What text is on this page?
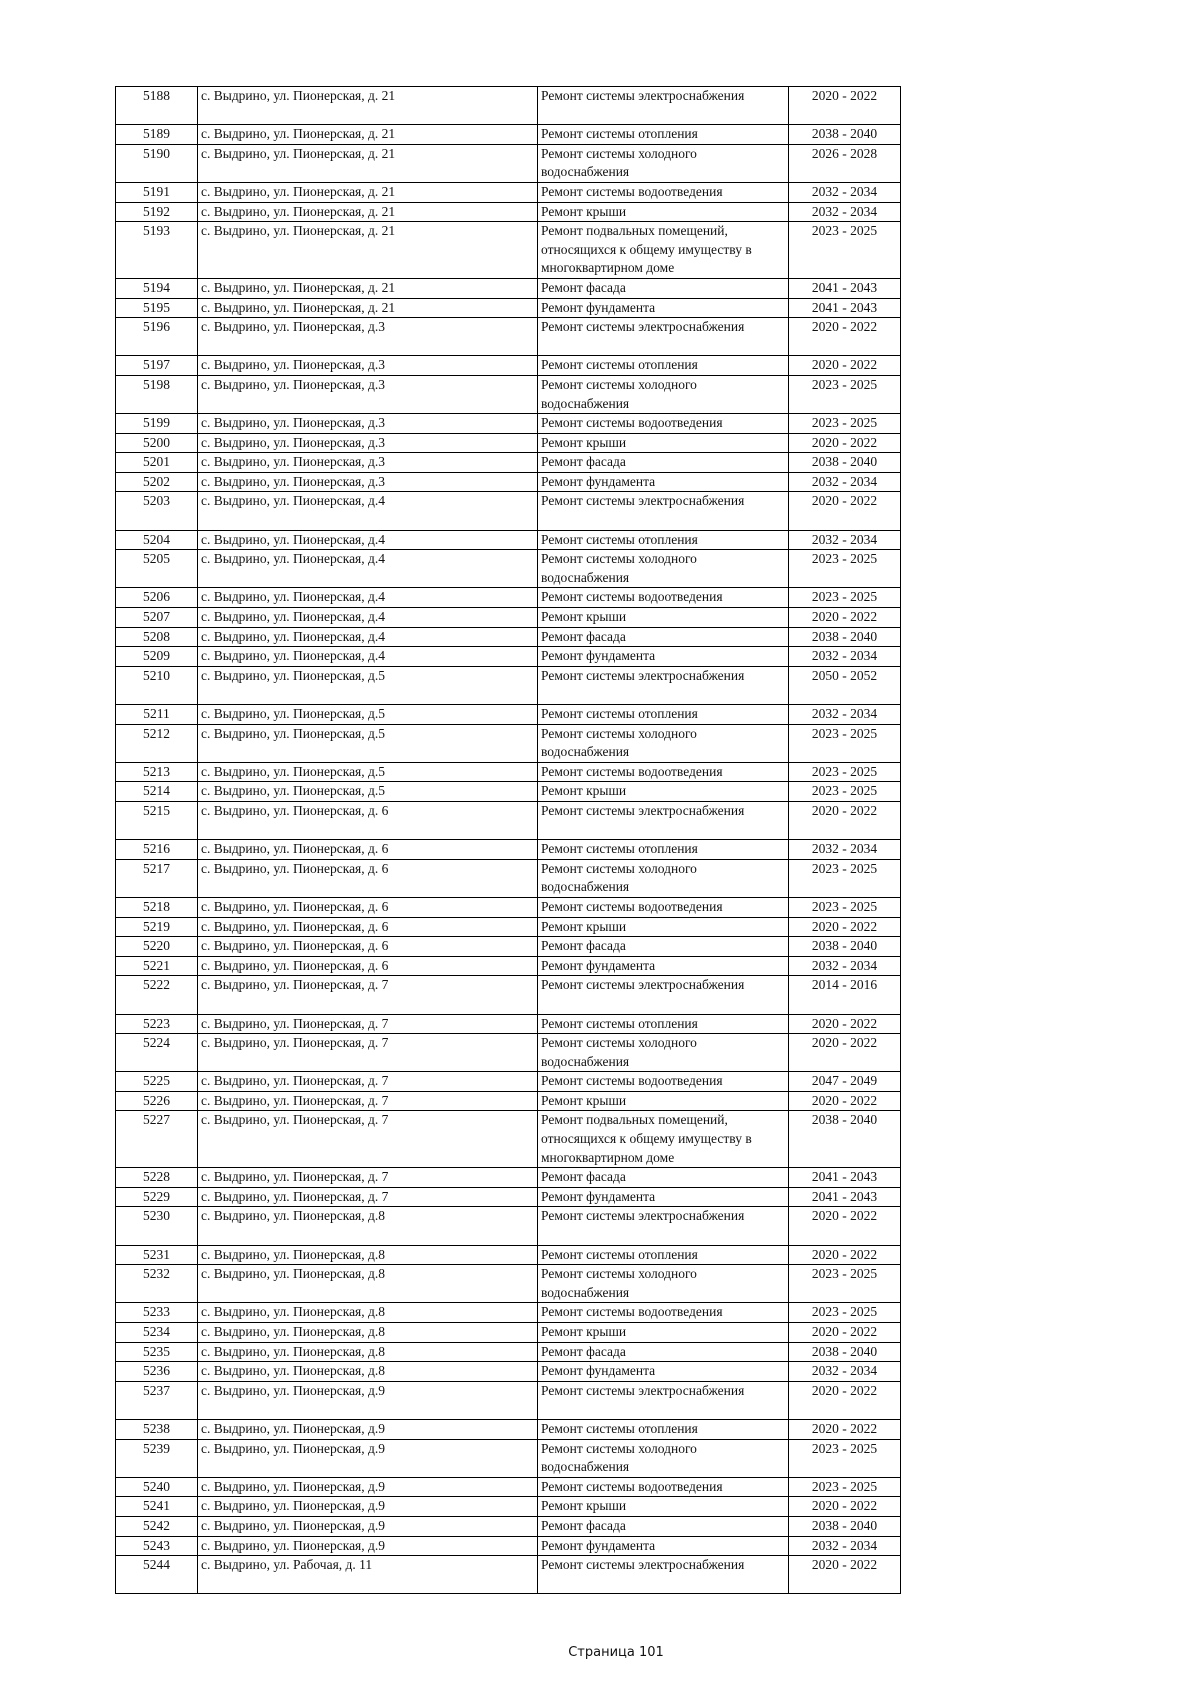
5188	с. Выдрино, ул. Пионерская, д. 21	Ремонт системы электроснабжения	2020 - 2022
5189	с. Выдрино, ул. Пионерская, д. 21	Ремонт системы отопления	2038 - 2040
5190	с. Выдрино, ул. Пионерская, д. 21	Ремонт системы холодного водоснабжения	2026 - 2028
5191	с. Выдрино, ул. Пионерская, д. 21	Ремонт системы водоотведения	2032 - 2034
5192	с. Выдрино, ул. Пионерская, д. 21	Ремонт крыши	2032 - 2034
5193	с. Выдрино, ул. Пионерская, д. 21	Ремонт подвальных помещений, относящихся к общему имуществу в многоквартирном доме	2023 - 2025
5194	с. Выдрино, ул. Пионерская, д. 21	Ремонт фасада	2041 - 2043
5195	с. Выдрино, ул. Пионерская, д. 21	Ремонт фундамента	2041 - 2043
5196	с. Выдрино, ул. Пионерская, д.3	Ремонт системы электроснабжения	2020 - 2022
5197	с. Выдрино, ул. Пионерская, д.3	Ремонт системы отопления	2020 - 2022
5198	с. Выдрино, ул. Пионерская, д.3	Ремонт системы холодного водоснабжения	2023 - 2025
5199	с. Выдрино, ул. Пионерская, д.3	Ремонт системы водоотведения	2023 - 2025
5200	с. Выдрино, ул. Пионерская, д.3	Ремонт крыши	2020 - 2022
5201	с. Выдрино, ул. Пионерская, д.3	Ремонт фасада	2038 - 2040
5202	с. Выдрино, ул. Пионерская, д.3	Ремонт фундамента	2032 - 2034
5203	с. Выдрино, ул. Пионерская, д.4	Ремонт системы электроснабжения	2020 - 2022
5204	с. Выдрино, ул. Пионерская, д.4	Ремонт системы отопления	2032 - 2034
5205	с. Выдрино, ул. Пионерская, д.4	Ремонт системы холодного водоснабжения	2023 - 2025
5206	с. Выдрино, ул. Пионерская, д.4	Ремонт системы водоотведения	2023 - 2025
5207	с. Выдрино, ул. Пионерская, д.4	Ремонт крыши	2020 - 2022
5208	с. Выдрино, ул. Пионерская, д.4	Ремонт фасада	2038 - 2040
5209	с. Выдрино, ул. Пионерская, д.4	Ремонт фундамента	2032 - 2034
5210	с. Выдрино, ул. Пионерская, д.5	Ремонт системы электроснабжения	2050 - 2052
5211	с. Выдрино, ул. Пионерская, д.5	Ремонт системы отопления	2032 - 2034
5212	с. Выдрино, ул. Пионерская, д.5	Ремонт системы холодного водоснабжения	2023 - 2025
5213	с. Выдрино, ул. Пионерская, д.5	Ремонт системы водоотведения	2023 - 2025
5214	с. Выдрино, ул. Пионерская, д.5	Ремонт крыши	2023 - 2025
5215	с. Выдрино, ул. Пионерская, д. 6	Ремонт системы электроснабжения	2020 - 2022
5216	с. Выдрино, ул. Пионерская, д. 6	Ремонт системы отопления	2032 - 2034
5217	с. Выдрино, ул. Пионерская, д. 6	Ремонт системы холодного водоснабжения	2023 - 2025
5218	с. Выдрино, ул. Пионерская, д. 6	Ремонт системы водоотведения	2023 - 2025
5219	с. Выдрино, ул. Пионерская, д. 6	Ремонт крыши	2020 - 2022
5220	с. Выдрино, ул. Пионерская, д. 6	Ремонт фасада	2038 - 2040
5221	с. Выдрино, ул. Пионерская, д. 6	Ремонт фундамента	2032 - 2034
5222	с. Выдрино, ул. Пионерская, д. 7	Ремонт системы электроснабжения	2014 - 2016
5223	с. Выдрино, ул. Пионерская, д. 7	Ремонт системы отопления	2020 - 2022
5224	с. Выдрино, ул. Пионерская, д. 7	Ремонт системы холодного водоснабжения	2020 - 2022
5225	с. Выдрино, ул. Пионерская, д. 7	Ремонт системы водоотведения	2047 - 2049
5226	с. Выдрино, ул. Пионерская, д. 7	Ремонт крыши	2020 - 2022
5227	с. Выдрино, ул. Пионерская, д. 7	Ремонт подвальных помещений, относящихся к общему имуществу в многоквартирном доме	2038 - 2040
5228	с. Выдрино, ул. Пионерская, д. 7	Ремонт фасада	2041 - 2043
5229	с. Выдрино, ул. Пионерская, д. 7	Ремонт фундамента	2041 - 2043
5230	с. Выдрино, ул. Пионерская, д.8	Ремонт системы электроснабжения	2020 - 2022
5231	с. Выдрино, ул. Пионерская, д.8	Ремонт системы отопления	2020 - 2022
5232	с. Выдрино, ул. Пионерская, д.8	Ремонт системы холодного водоснабжения	2023 - 2025
5233	с. Выдрино, ул. Пионерская, д.8	Ремонт системы водоотведения	2023 - 2025
5234	с. Выдрино, ул. Пионерская, д.8	Ремонт крыши	2020 - 2022
5235	с. Выдрино, ул. Пионерская, д.8	Ремонт фасада	2038 - 2040
5236	с. Выдрино, ул. Пионерская, д.8	Ремонт фундамента	2032 - 2034
5237	с. Выдрино, ул. Пионерская, д.9	Ремонт системы электроснабжения	2020 - 2022
5238	с. Выдрино, ул. Пионерская, д.9	Ремонт системы отопления	2020 - 2022
5239	с. Выдрино, ул. Пионерская, д.9	Ремонт системы холодного водоснабжения	2023 - 2025
5240	с. Выдрино, ул. Пионерская, д.9	Ремонт системы водоотведения	2023 - 2025
5241	с. Выдрино, ул. Пионерская, д.9	Ремонт крыши	2020 - 2022
5242	с. Выдрино, ул. Пионерская, д.9	Ремонт фасада	2038 - 2040
5243	с. Выдрино, ул. Пионерская, д.9	Ремонт фундамента	2032 - 2034
5244	с. Выдрино, ул. Рабочая, д. 11	Ремонт системы электроснабжения	2020 - 2022
Страница 101
